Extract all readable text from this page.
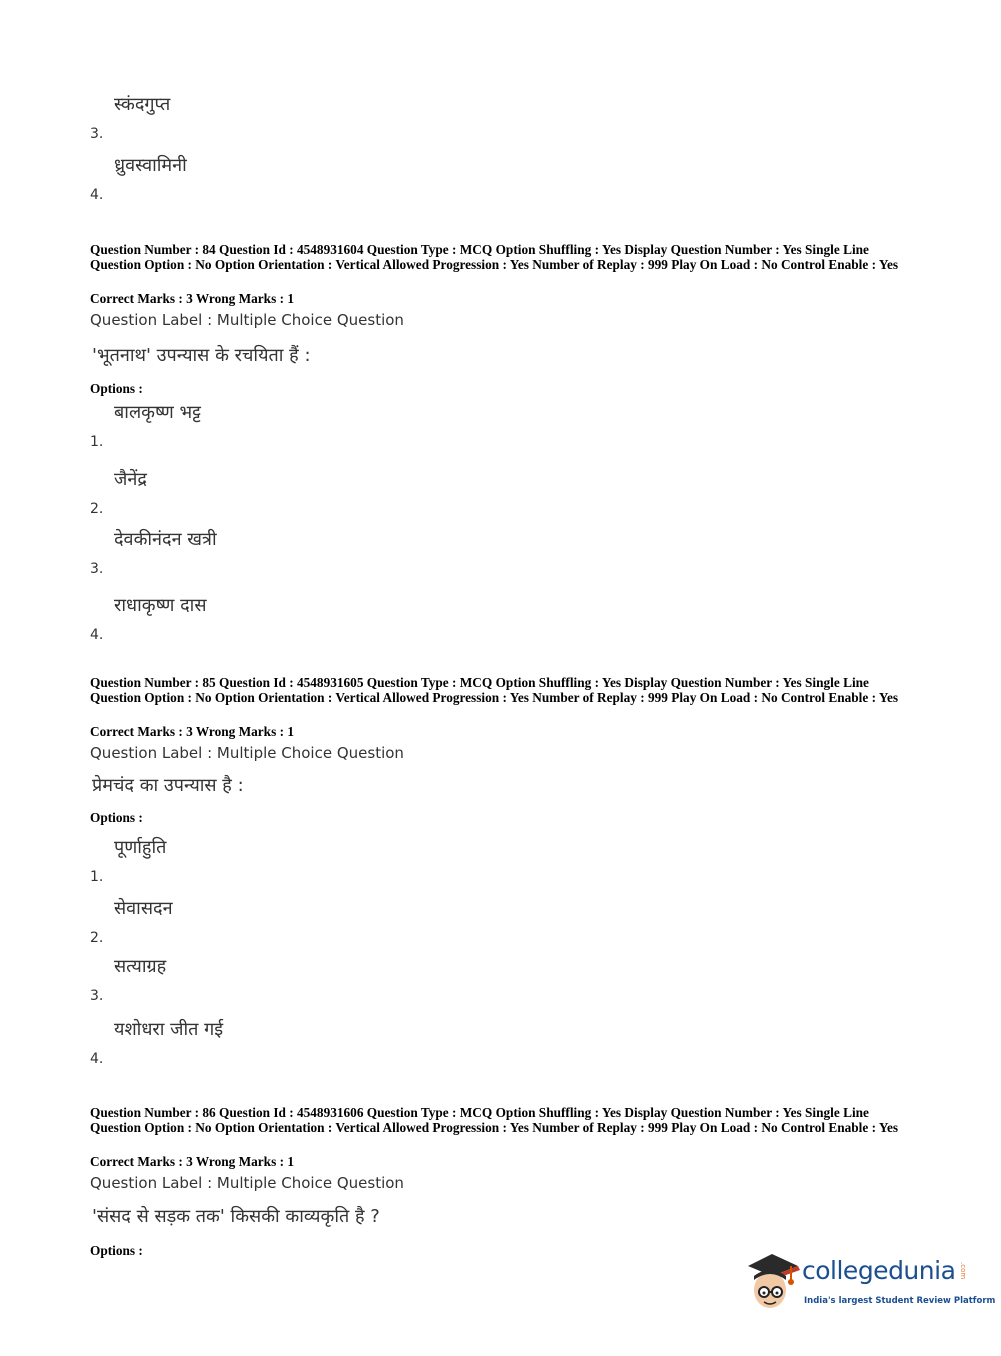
3.
स्कंदगुप्त
4.
ध्रुवस्वामिनी
Question Number : 84 Question Id : 4548931604 Question Type : MCQ Option Shuffling : Yes Display Question Number : Yes Single Line Question Option : No Option Orientation : Vertical Allowed Progression : Yes Number of Replay : 999 Play On Load : No Control Enable : Yes
Correct Marks : 3 Wrong Marks : 1
Question Label : Multiple Choice Question
'भूतनाथ' उपन्यास के रचयिता हैं :
Options :
1.
बालकृष्ण भट्ट
2.
जैनेंद्र
3.
देवकीनंदन खत्री
4.
राधाकृष्ण दास
Question Number : 85 Question Id : 4548931605 Question Type : MCQ Option Shuffling : Yes Display Question Number : Yes Single Line Question Option : No Option Orientation : Vertical Allowed Progression : Yes Number of Replay : 999 Play On Load : No Control Enable : Yes
Correct Marks : 3 Wrong Marks : 1
Question Label : Multiple Choice Question
प्रेमचंद का उपन्यास है :
Options :
1.
पूर्णाहुति
2.
सेवासदन
3.
सत्याग्रह
4.
यशोधरा जीत गई
Question Number : 86 Question Id : 4548931606 Question Type : MCQ Option Shuffling : Yes Display Question Number : Yes Single Line Question Option : No Option Orientation : Vertical Allowed Progression : Yes Number of Replay : 999 Play On Load : No Control Enable : Yes
Correct Marks : 3 Wrong Marks : 1
Question Label : Multiple Choice Question
'संसद से सड़क तक' किसकी काव्यकृति है ?
Options :
collegedunia .com
India's largest Student Review Platform
